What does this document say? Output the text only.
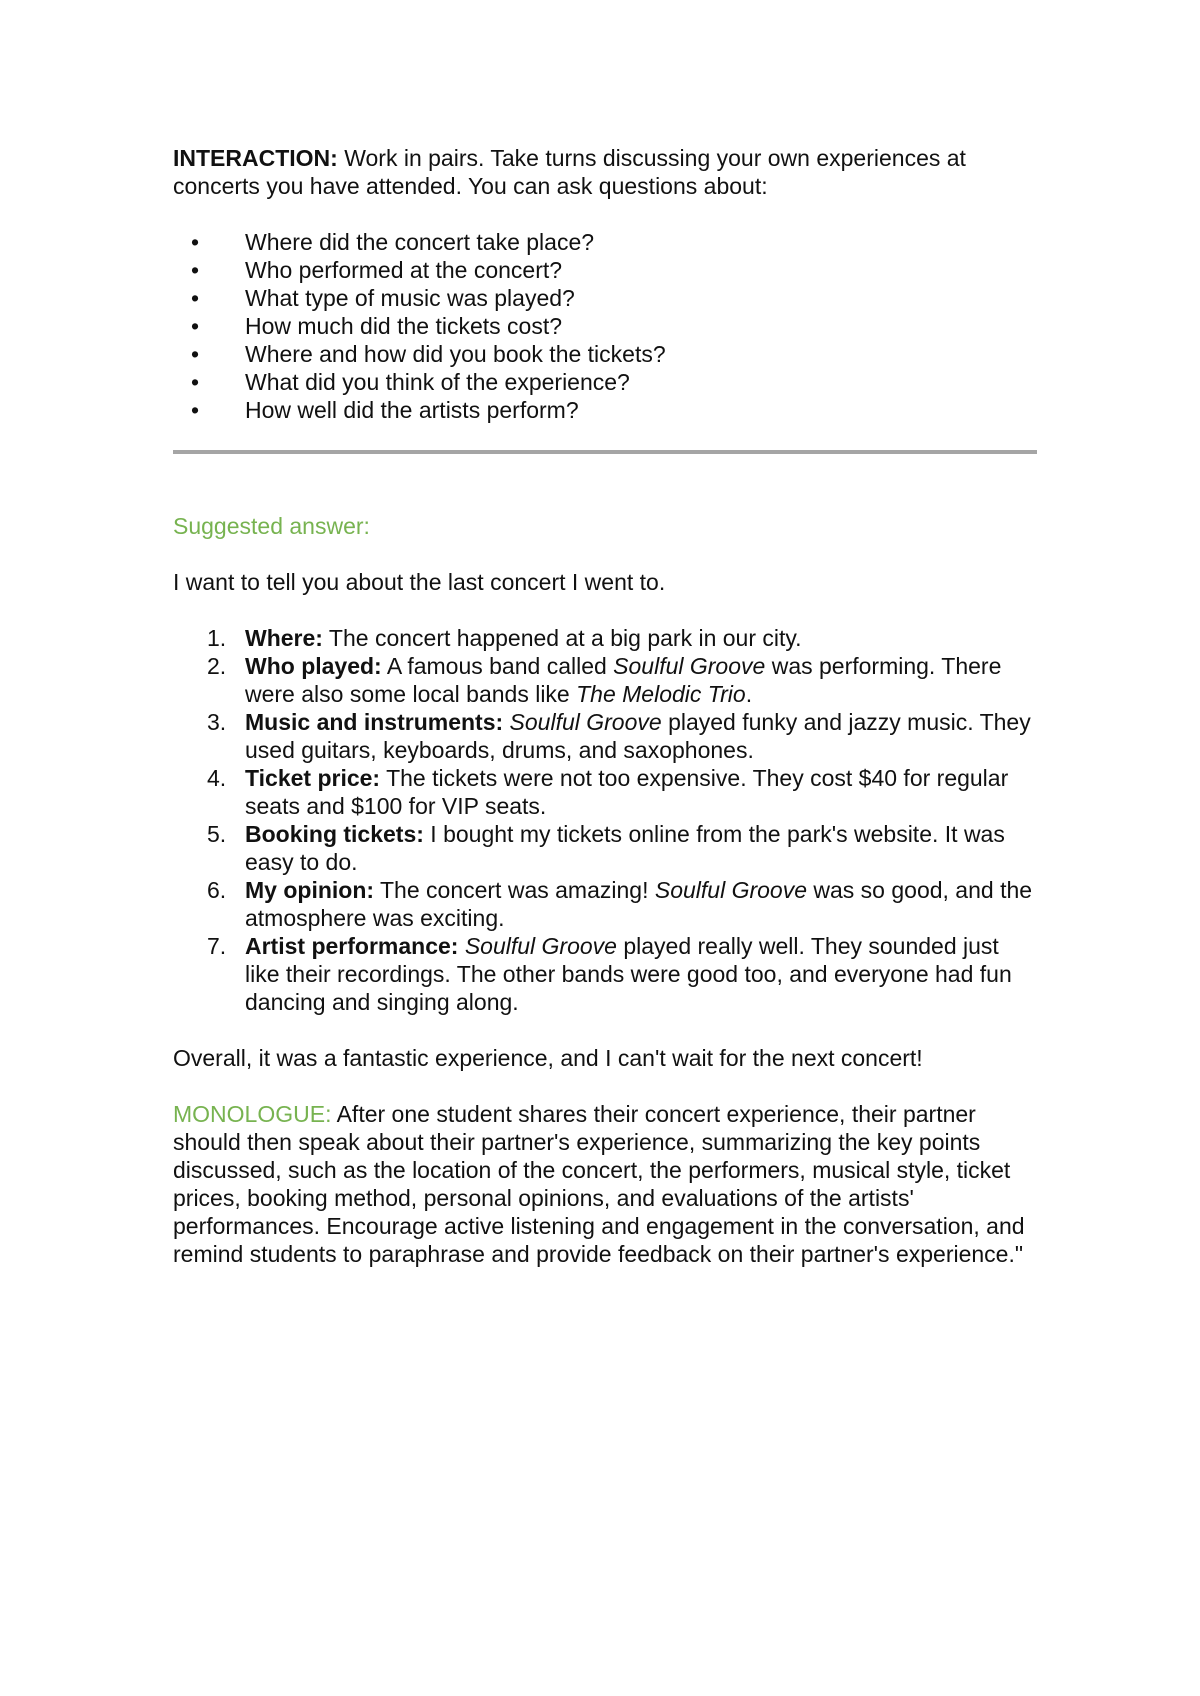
INTERACTION: Work in pairs. Take turns discussing your own experiences at concerts you have attended. You can ask questions about:

• Where did the concert take place?
• Who performed at the concert?
• What type of music was played?
• How much did the tickets cost?
• Where and how did you book the tickets?
• What did you think of the experience?
• How well did the artists perform?

Suggested answer:

I want to tell you about the last concert I went to.

1. Where: The concert happened at a big park in our city.
2. Who played: A famous band called Soulful Groove was performing. There were also some local bands like The Melodic Trio.
3. Music and instruments: Soulful Groove played funky and jazzy music. They used guitars, keyboards, drums, and saxophones.
4. Ticket price: The tickets were not too expensive. They cost $40 for regular seats and $100 for VIP seats.
5. Booking tickets: I bought my tickets online from the park's website. It was easy to do.
6. My opinion: The concert was amazing! Soulful Groove was so good, and the atmosphere was exciting.
7. Artist performance: Soulful Groove played really well. They sounded just like their recordings. The other bands were good too, and everyone had fun dancing and singing along.

Overall, it was a fantastic experience, and I can't wait for the next concert!

MONOLOGUE: After one student shares their concert experience, their partner should then speak about their partner's experience, summarizing the key points discussed, such as the location of the concert, the performers, musical style, ticket prices, booking method, personal opinions, and evaluations of the artists' performances. Encourage active listening and engagement in the conversation, and remind students to paraphrase and provide feedback on their partner's experience."
